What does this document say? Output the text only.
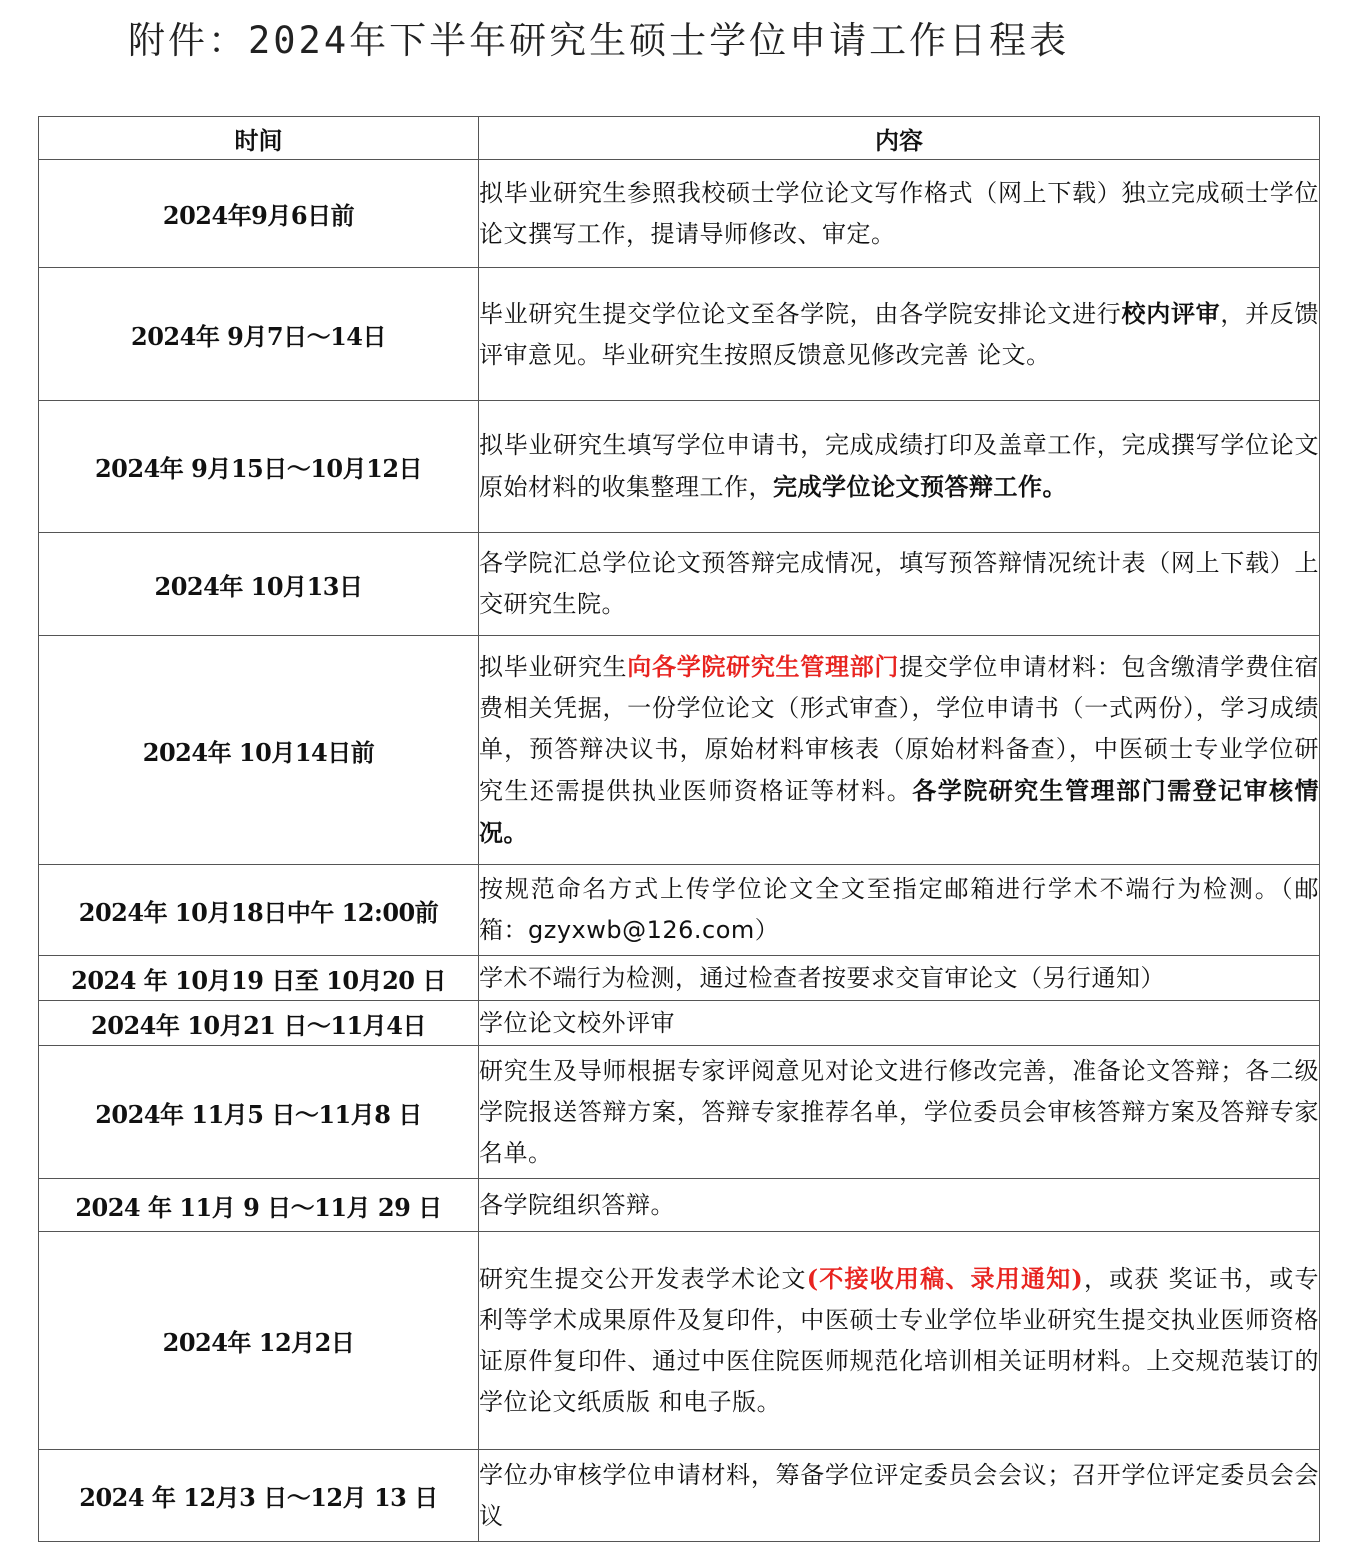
附件：2024年下半年研究生硕士学位申请工作日程表
时间	内容
2024年9月6日前	拟毕业研究生参照我校硕士学位论文写作格式（网上下载）独立完成硕士学位论文撰写工作，提请导师修改、审定。

2024年 9月7日～14日	毕业研究生提交学位论文至各学院，由各学院安排论文进行校内评审，并反馈评审意见。毕业研究生按照反馈意见修改完善 论文。

2024年 9月15日～10月12日	拟毕业研究生填写学位申请书，完成成绩打印及盖章工作，完成撰写学位论文原始材料的收集整理工作，完成学位论文预答辩工作。

2024年 10月13日	各学院汇总学位论文预答辩完成情况，填写预答辩情况统计表（网上下载）上交研究生院。

2024年 10月14日前	拟毕业研究生向各学院研究生管理部门提交学位申请材料：包含缴清学费住宿费相关凭据，一份学位论文（形式审查），学位申请书（一式两份），学习成绩单，预答辩决议书，原始材料审核表（原始材料备查），中医硕士专业学位研究生还需提供执业医师资格证等材料。各学院研究生管理部门需登记审核情况。

2024年 10月18日中午 12:00前	按规范命名方式上传学位论文全文至指定邮箱进行学术不端行为检测。（邮箱：gzyxwb@126.com）

2024 年 10月19 日至 10月20 日	学术不端行为检测，通过检查者按要求交盲审论文（另行通知）

2024年 10月21 日～11月4日	学位论文校外评审

2024年 11月5 日～11月8 日	研究生及导师根据专家评阅意见对论文进行修改完善，准备论文答辩；各二级学院报送答辩方案，答辩专家推荐名单，学位委员会审核答辩方案及答辩专家名单。

2024 年 11月 9 日～11月 29 日	各学院组织答辩。

2024年 12月2日	研究生提交公开发表学术论文(不接收用稿、录用通知)，或获 奖证书，或专利等学术成果原件及复印件，中医硕士专业学位毕业研究生提交执业医师资格证原件复印件、通过中医住院医师规范化培训相关证明材料。上交规范装订的学位论文纸质版 和电子版。

2024 年 12月3 日～12月 13 日	学位办审核学位申请材料，筹备学位评定委员会会议；召开学位评定委员会会议
